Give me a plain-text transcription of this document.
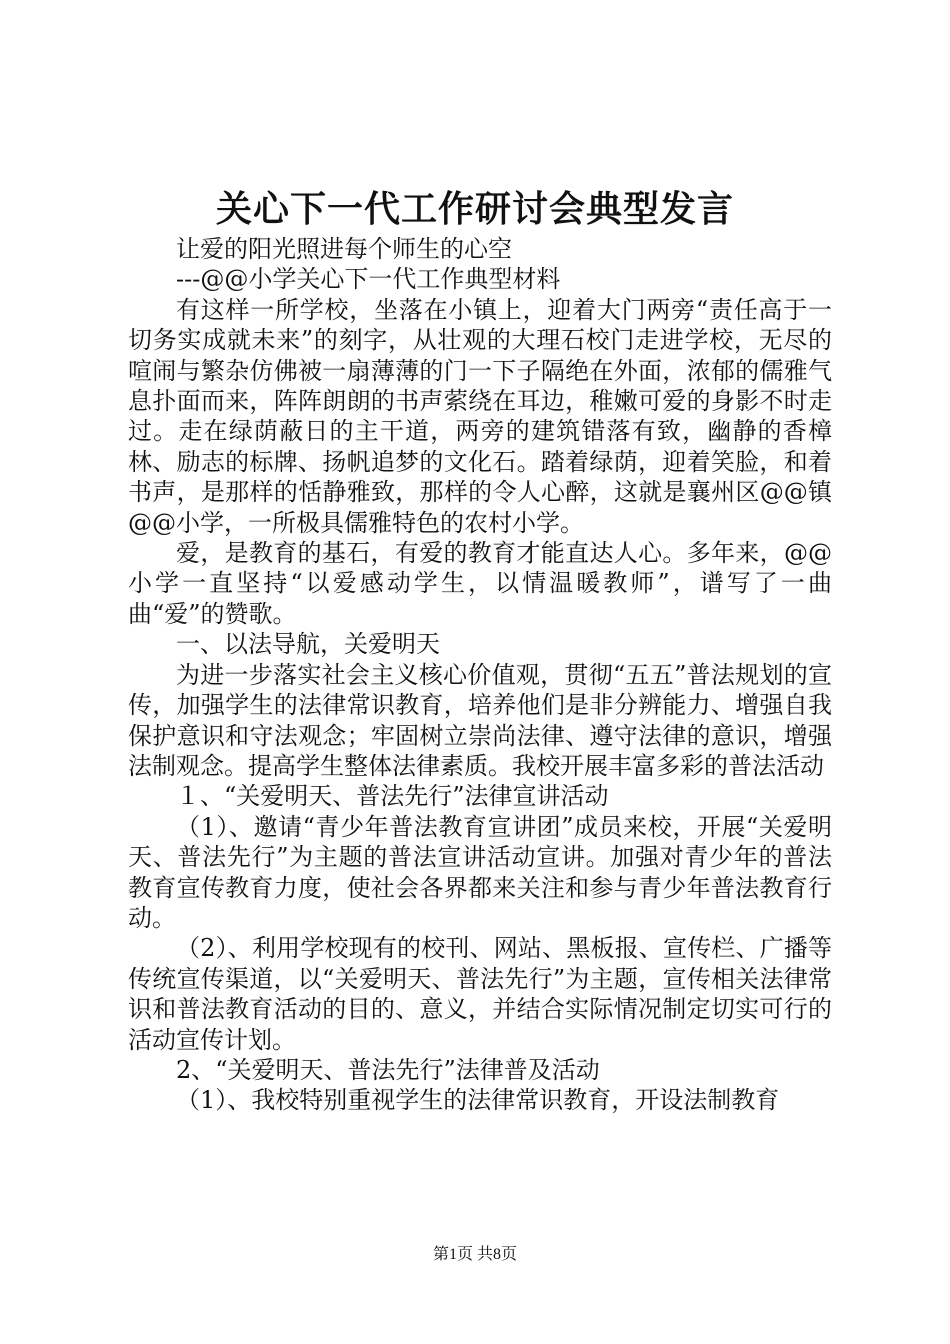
关心下一代工作研讨会典型发言

让爱的阳光照进每个师生的心空

---@@小学关心下一代工作典型材料

有这样一所学校，坐落在小镇上，迎着大门两旁“责任高于一切务实成就未来”的刻字，从壮观的大理石校门走进学校，无尽的喧闹与繁杂仿佛被一扇薄薄的门一下子隔绝在外面，浓郁的儒雅气息扑面而来，阵阵朗朗的书声萦绕在耳边，稚嫩可爱的身影不时走过。走在绿荫蔽日的主干道，两旁的建筑错落有致，幽静的香樟林、励志的标牌、扬帆追梦的文化石。踏着绿荫，迎着笑脸，和着书声，是那样的恬静雅致，那样的令人心醉，这就是襄州区@@镇@@小学，一所极具儒雅特色的农村小学。

爱，是教育的基石，有爱的教育才能直达人心。多年来，@@小学一直坚持“以爱感动学生，以情温暖教师”，谱写了一曲曲“爱”的赞歌。

一、以法导航，关爱明天

为进一步落实社会主义核心价值观，贯彻“五五”普法规划的宣传，加强学生的法律常识教育，培养他们是非分辨能力、增强自我保护意识和守法观念；牢固树立崇尚法律、遵守法律的意识，增强法制观念。提高学生整体法律素质。我校开展丰富多彩的普法活动

１、“关爱明天、普法先行”法律宣讲活动

（1）、邀请“青少年普法教育宣讲团”成员来校，开展“关爱明天、普法先行”为主题的普法宣讲活动宣讲。加强对青少年的普法教育宣传教育力度，使社会各界都来关注和参与青少年普法教育行动。

（2）、利用学校现有的校刊、网站、黑板报、宣传栏、广播等传统宣传渠道，以“关爱明天、普法先行”为主题，宣传相关法律常识和普法教育活动的目的、意义，并结合实际情况制定切实可行的活动宣传计划。

2、“关爱明天、普法先行”法律普及活动

（1）、我校特别重视学生的法律常识教育，开设法制教育

第1页 共8页
